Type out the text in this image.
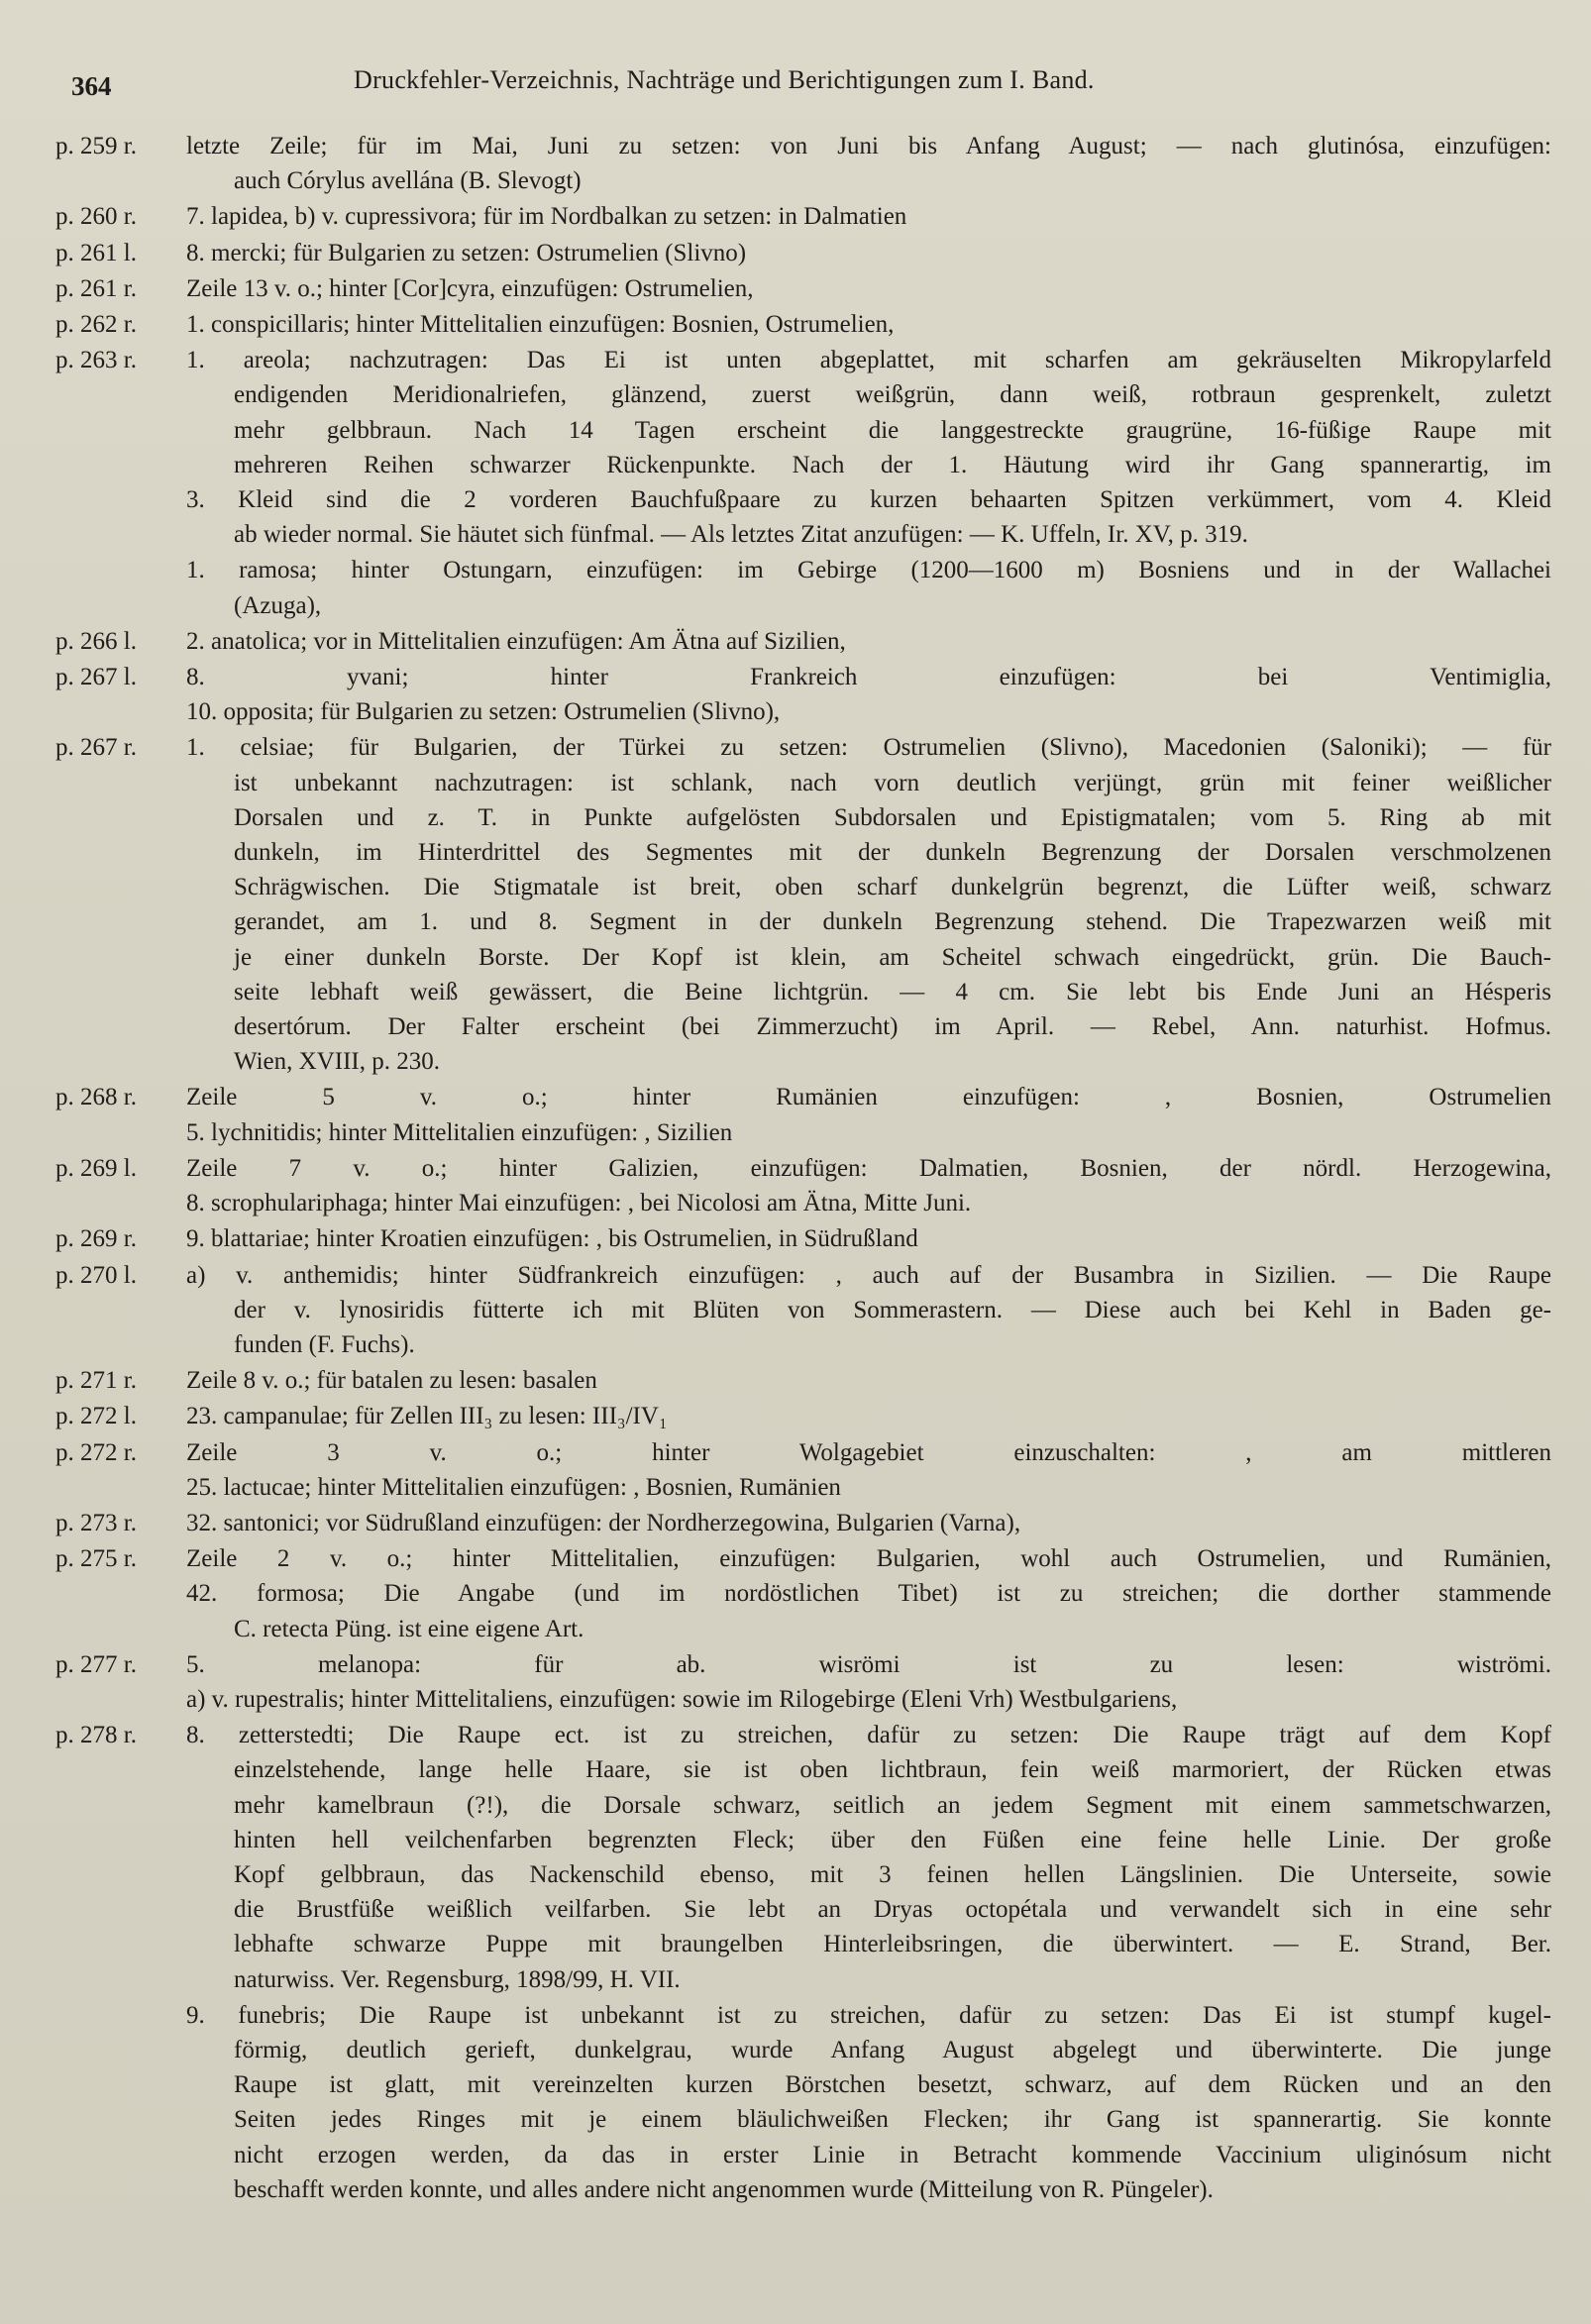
364	Druckfehler-Verzeichnis, Nachträge und Berichtigungen zum I. Band.
p. 259 r.	letzte Zeile; für im Mai, Juni zu setzen: von Juni bis Anfang August; — nach glutinósa, einzufügen:
auch Córylus avellána (B. Slevogt)
p. 260 r.	7. lapidea, b) v. cupressivora; für im Nordbalkan zu setzen: in Dalmatien
p. 261 l.	8. mercki; für Bulgarien zu setzen: Ostrumelien (Slivno)
p. 261 r.	Zeile 13 v. o.; hinter [Cor]cyra, einzufügen: Ostrumelien,
p. 262 r.	1. conspicillaris; hinter Mittelitalien einzufügen: Bosnien, Ostrumelien,
p. 263 r.	1. areola; nachzutragen: Das Ei ist unten abgeplattet, mit scharfen am gekräuselten Mikropylarfeld
endigenden Meridionalriefen, glänzend, zuerst weißgrün, dann weiß, rotbraun gesprenkelt, zuletzt
mehr gelbbraun. Nach 14 Tagen erscheint die langgestreckte graugrüne, 16-füßige Raupe mit
mehreren Reihen schwarzer Rückenpunkte. Nach der 1. Häutung wird ihr Gang spannerartig, im
3. Kleid sind die 2 vorderen Bauchfußpaare zu kurzen behaarten Spitzen verkümmert, vom 4. Kleid
ab wieder normal. Sie häutet sich fünfmal. — Als letztes Zitat anzufügen: — K. Uffeln, Ir. XV, p. 319.
1. ramosa; hinter Ostungarn, einzufügen: im Gebirge (1200—1600 m) Bosniens und in der Wallachei
(Azuga),
p. 266 l.	2. anatolica; vor in Mittelitalien einzufügen: Am Ätna auf Sizilien,
p. 267 l.	8. yvani; hinter Frankreich einzufügen: bei Ventimiglia,
10. opposita; für Bulgarien zu setzen: Ostrumelien (Slivno),
p. 267 r.	1. celsiae; für Bulgarien, der Türkei zu setzen: Ostrumelien (Slivno), Macedonien (Saloniki); — für
ist unbekannt nachzutragen: ist schlank, nach vorn deutlich verjüngt, grün mit feiner weißlicher
Dorsalen und z. T. in Punkte aufgelösten Subdorsalen und Epistigmatalen; vom 5. Ring ab mit
dunkeln, im Hinterdrittel des Segmentes mit der dunkeln Begrenzung der Dorsalen verschmolzenen
Schrägwischen. Die Stigmatale ist breit, oben scharf dunkelgrün begrenzt, die Lüfter weiß, schwarz
gerandet, am 1. und 8. Segment in der dunkeln Begrenzung stehend. Die Trapezwarzen weiß mit
je einer dunkeln Borste. Der Kopf ist klein, am Scheitel schwach eingedrückt, grün. Die Bauch-
seite lebhaft weiß gewässert, die Beine lichtgrün. — 4 cm. Sie lebt bis Ende Juni an Hésperis
desertórum. Der Falter erscheint (bei Zimmerzucht) im April. — Rebel, Ann. naturhist. Hofmus.
Wien, XVIII, p. 230.
p. 268 r.	Zeile 5 v. o.; hinter Rumänien einzufügen: , Bosnien, Ostrumelien
5. lychnitidis; hinter Mittelitalien einzufügen: , Sizilien
p. 269 l.	Zeile 7 v. o.; hinter Galizien, einzufügen: Dalmatien, Bosnien, der nördl. Herzogewina,
8. scrophulariphaga; hinter Mai einzufügen: , bei Nicolosi am Ätna, Mitte Juni.
p. 269 r.	9. blattariae; hinter Kroatien einzufügen: , bis Ostrumelien, in Südrußland
p. 270 l.	a) v. anthemidis; hinter Südfrankreich einzufügen: , auch auf der Busambra in Sizilien. — Die Raupe
der v. lynosiridis fütterte ich mit Blüten von Sommerastern. — Diese auch bei Kehl in Baden ge-
funden (F. Fuchs).
p. 271 r.	Zeile 8 v. o.; für batalen zu lesen: basalen
p. 272 l.	23. campanulae; für Zellen III₃ zu lesen: III₃/IV₁
p. 272 r.	Zeile 3 v. o.; hinter Wolgagebiet einzuschalten: , am mittleren
25. lactucae; hinter Mittelitalien einzufügen: , Bosnien, Rumänien
p. 273 r.	32. santonici; vor Südrußland einzufügen: der Nordherzegowina, Bulgarien (Varna),
p. 275 r.	Zeile 2 v. o.; hinter Mittelitalien, einzufügen: Bulgarien, wohl auch Ostrumelien, und Rumänien,
42. formosa; Die Angabe (und im nordöstlichen Tibet) ist zu streichen; die dorther stammende
C. retecta Püng. ist eine eigene Art.
p. 277 r.	5. melanopa: für ab. wisrömi ist zu lesen: wiströmi.
a) v. rupestralis; hinter Mittelitaliens, einzufügen: sowie im Rilogebirge (Eleni Vrh) Westbulgariens,
p. 278 r.	8. zetterstedti; Die Raupe ect. ist zu streichen, dafür zu setzen: Die Raupe trägt auf dem Kopf
einzelstehende, lange helle Haare, sie ist oben lichtbraun, fein weiß marmoriert, der Rücken etwas
mehr kamelbraun (?!), die Dorsale schwarz, seitlich an jedem Segment mit einem sammetschwarzen,
hinten hell veilchenfarben begrenzten Fleck; über den Füßen eine feine helle Linie. Der große
Kopf gelbbraun, das Nackenschild ebenso, mit 3 feinen hellen Längslinien. Die Unterseite, sowie
die Brustfüße weißlich veilfarben. Sie lebt an Dryas octopétala und verwandelt sich in eine sehr
lebhafte schwarze Puppe mit braungelben Hinterleibsringen, die überwintert. — E. Strand, Ber.
naturwiss. Ver. Regensburg, 1898/99, H. VII.
9. funebris; Die Raupe ist unbekannt ist zu streichen, dafür zu setzen: Das Ei ist stumpf kugel-
förmig, deutlich gerieft, dunkelgrau, wurde Anfang August abgelegt und überwinterte. Die junge
Raupe ist glatt, mit vereinzelten kurzen Börstchen besetzt, schwarz, auf dem Rücken und an den
Seiten jedes Ringes mit je einem bläulichweißen Flecken; ihr Gang ist spannerartig. Sie konnte
nicht erzogen werden, da das in erster Linie in Betracht kommende Vaccinium uliginósum nicht
beschafft werden konnte, und alles andere nicht angenommen wurde (Mitteilung von R. Püngeler).
